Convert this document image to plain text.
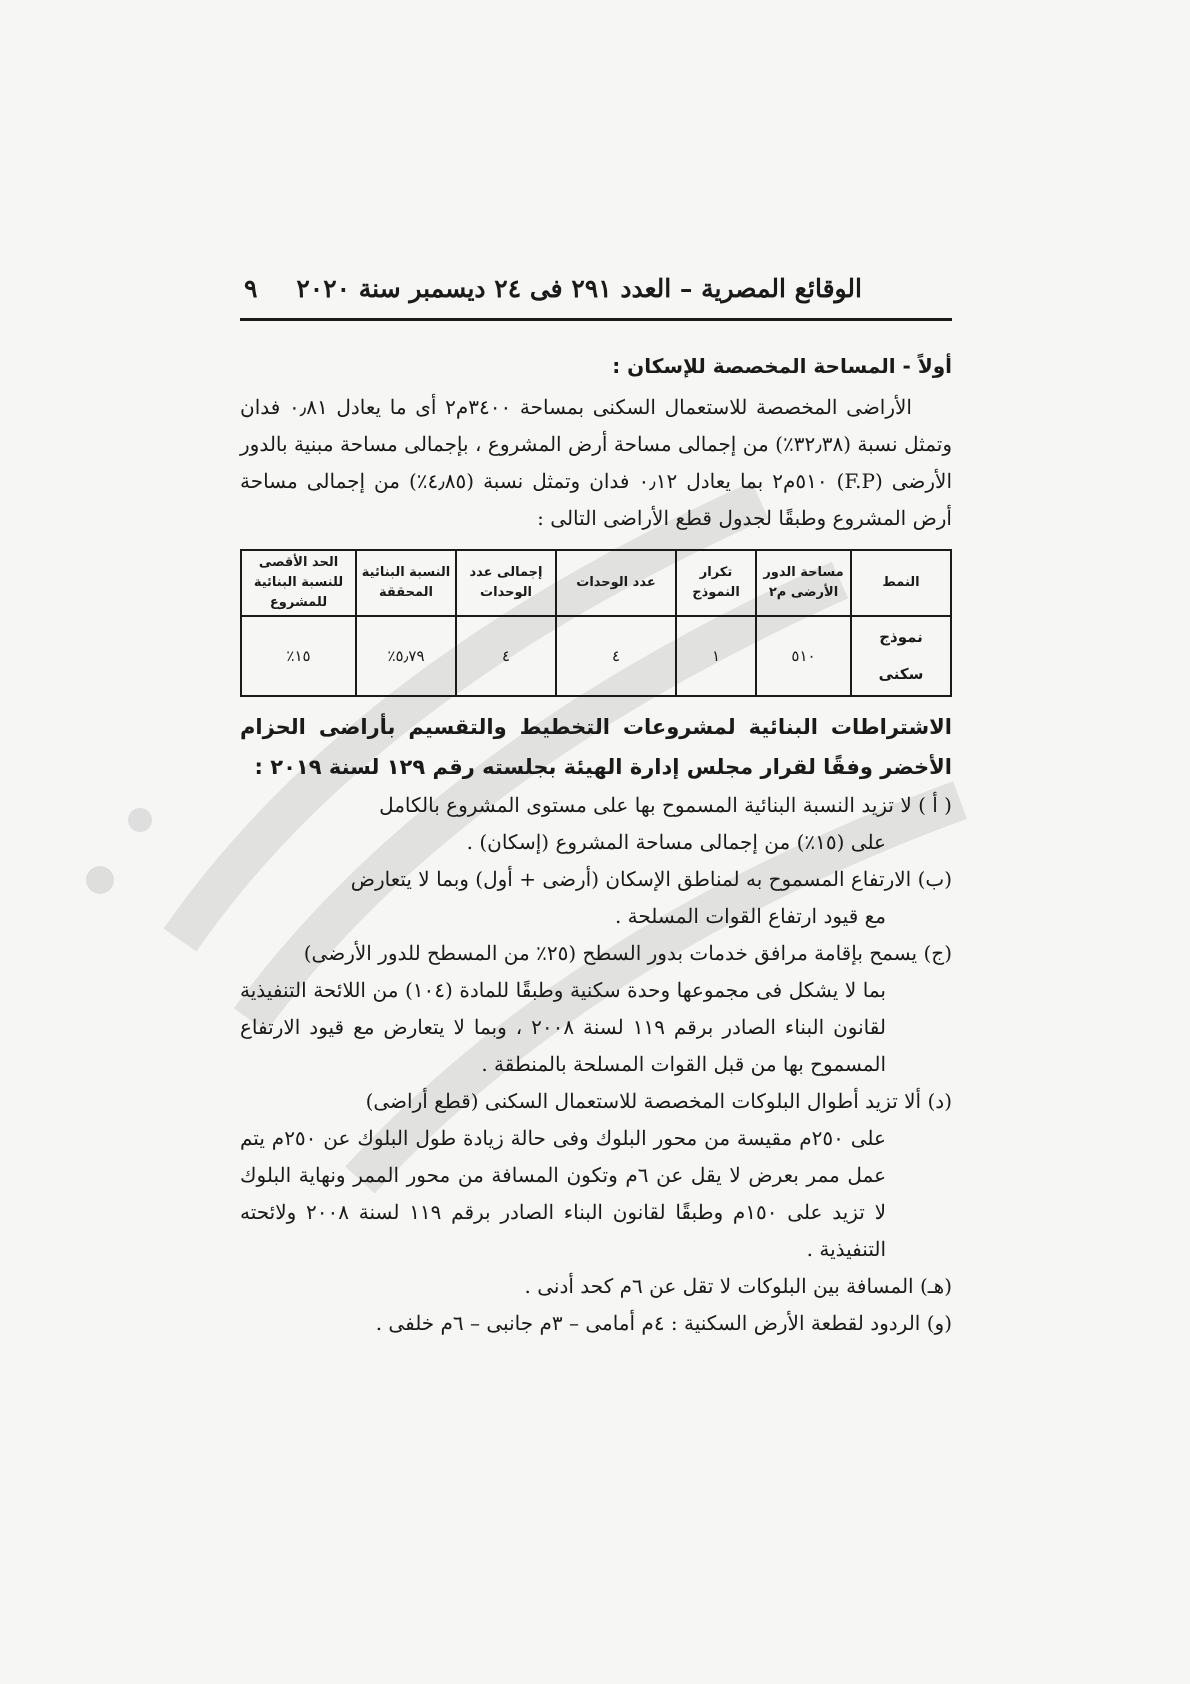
الوقائع المصرية – العدد ٢٩١ فى ٢٤ ديسمبر سنة ٢٠٢٠
٩

أولاً - المساحة المخصصة للإسكان :

الأراضى المخصصة للاستعمال السكنى بمساحة ٣٤٠٠م٢ أى ما يعادل ٠٫٨١ فدان وتمثل نسبة (٣٢٫٣٨٪) من إجمالى مساحة أرض المشروع ، بإجمالى مساحة مبنية بالدور الأرضى (F.P) ٥١٠م٢ بما يعادل ٠٫١٢ فدان وتمثل نسبة (٤٫٨٥٪) من إجمالى مساحة أرض المشروع وطبقًا لجدول قطع الأراضى التالى :

النمط	مساحة الدور الأرضى م٢	تكرار النموذج	عدد الوحدات	إجمالى عدد الوحدات	النسبة البنائية المحققة	الحد الأقصى للنسبة البنائية للمشروع
نموذج سكنى	٥١٠	١	٤	٤	٥٫٧٩٪	١٥٪

الاشتراطات البنائية لمشروعات التخطيط والتقسيم بأراضى الحزام الأخضر وفقًا لقرار مجلس إدارة الهيئة بجلسته رقم ١٢٩ لسنة ٢٠١٩ :

( أ ) لا تزيد النسبة البنائية المسموح بها على مستوى المشروع بالكامل
على (١٥٪) من إجمالى مساحة المشروع (إسكان) .
(ب) الارتفاع المسموح به لمناطق الإسكان (أرضى + أول) وبما لا يتعارض
مع قيود ارتفاع القوات المسلحة .
(ج) يسمح بإقامة مرافق خدمات بدور السطح (٢٥٪ من المسطح للدور الأرضى)
بما لا يشكل فى مجموعها وحدة سكنية وطبقًا للمادة (١٠٤) من اللائحة التنفيذية لقانون البناء الصادر برقم ١١٩ لسنة ٢٠٠٨ ، وبما لا يتعارض مع قيود الارتفاع المسموح بها من قبل القوات المسلحة بالمنطقة .
(د) ألا تزيد أطوال البلوكات المخصصة للاستعمال السكنى (قطع أراضى)
على ٢٥٠م مقيسة من محور البلوك وفى حالة زيادة طول البلوك عن ٢٥٠م يتم عمل ممر بعرض لا يقل عن ٦م وتكون المسافة من محور الممر ونهاية البلوك لا تزيد على ١٥٠م وطبقًا لقانون البناء الصادر برقم ١١٩ لسنة ٢٠٠٨ ولائحته التنفيذية .
(هـ) المسافة بين البلوكات لا تقل عن ٦م كحد أدنى .
(و) الردود لقطعة الأرض السكنية : ٤م أمامى – ٣م جانبى – ٦م خلفى .
